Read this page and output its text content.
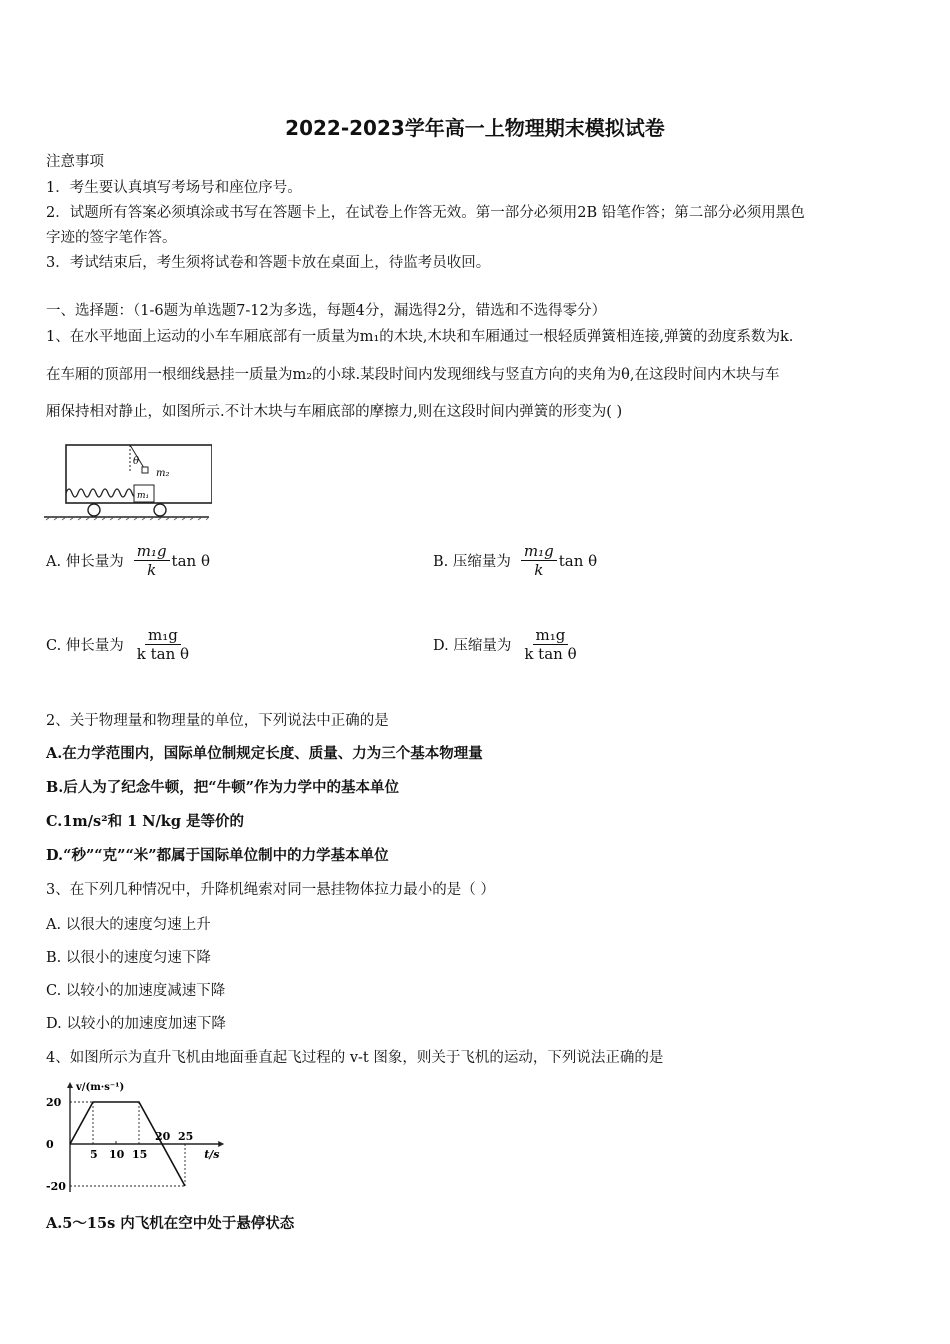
2022-2023学年高一上物理期末模拟试卷
注意事项
1．考生要认真填写考场号和座位序号。
2．试题所有答案必须填涂或书写在答题卡上，在试卷上作答无效。第一部分必须用2B 铅笔作答；第二部分必须用黑色
字迹的签字笔作答。
3．考试结束后，考生须将试卷和答题卡放在桌面上，待监考员收回。
一、选择题：（1-6题为单选题7-12为多选，每题4分，漏选得2分，错选和不选得零分）
1、在水平地面上运动的小车车厢底部有一质量为m₁的木块,木块和车厢通过一根轻质弹簧相连接,弹簧的劲度系数为k.
在车厢的顶部用一根细线悬挂一质量为m₂的小球.某段时间内发现细线与竖直方向的夹角为θ,在这段时间内木块与车
厢保持相对静止，如图所示.不计木块与车厢底部的摩擦力,则在这段时间内弹簧的形变为( )
θ
m₂
m₁
A. 伸长量为 $\frac{\text{m₁g}}{k}$ tan θ	B. 压缩量为 $\frac{\text{m₁g}}{k}$ tan θ
C. 伸长量为 $\frac{\text{m₁g}}{\text{k tan θ}}$	D. 压缩量为 $\frac{\text{m₁g}}{\text{k tan θ}}$
2、关于物理量和物理量的单位，下列说法中正确的是
A.在力学范围内，国际单位制规定长度、质量、力为三个基本物理量
B.后人为了纪念牛顿，把“牛顿”作为力学中的基本单位
C.1m/s²和 1 N/kg 是等价的
D.“秒”“克”“米”都属于国际单位制中的力学基本单位
3、在下列几种情况中，升降机绳索对同一悬挂物体拉力最小的是（ ）
A. 以很大的速度匀速上升
B. 以很小的速度匀速下降
C. 以较小的加速度减速下降
D. 以较小的加速度加速下降
4、如图所示为直升飞机由地面垂直起飞过程的 v-t 图象，则关于飞机的运动，下列说法正确的是
5 10 15
20 25
20
0
-20
v/(m·s⁻¹)
t/s
A.5～15s 内飞机在空中处于悬停状态
